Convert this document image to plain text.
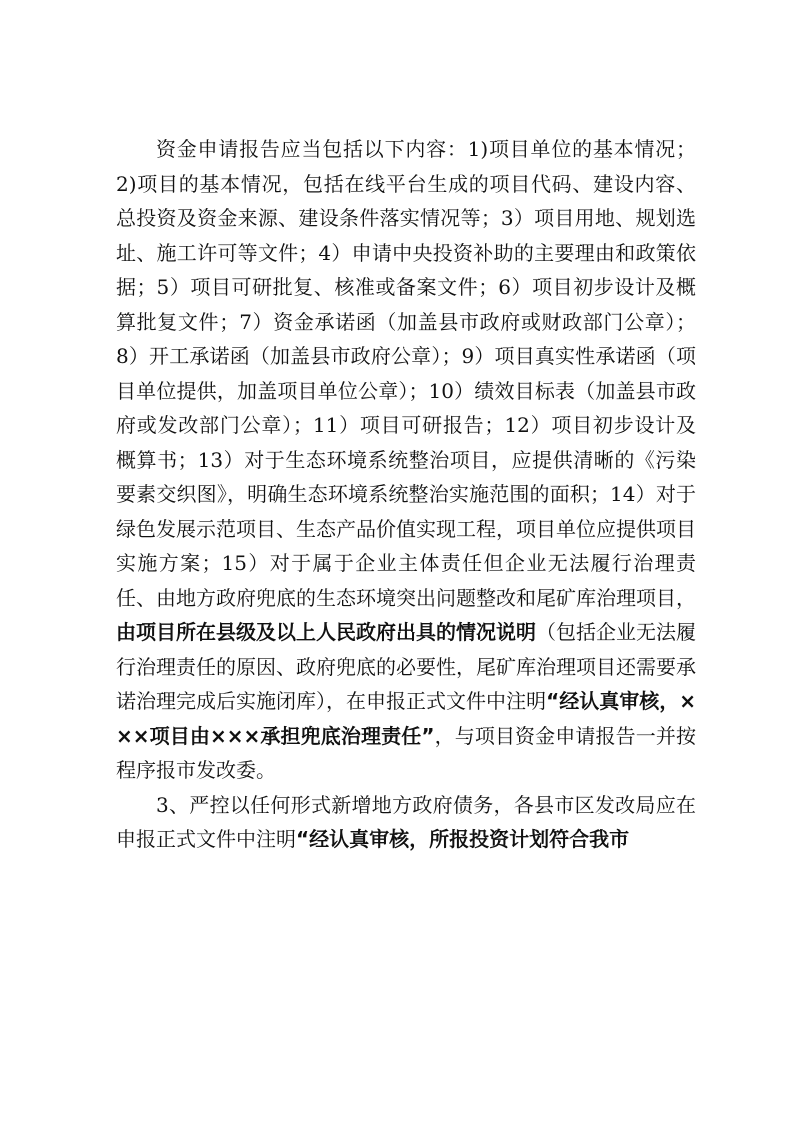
资金申请报告应当包括以下内容：1)项目单位的基本情况；2)项目的基本情况，包括在线平台生成的项目代码、建设内容、总投资及资金来源、建设条件落实情况等；3）项目用地、规划选址、施工许可等文件；4）申请中央投资补助的主要理由和政策依据；5）项目可研批复、核准或备案文件；6）项目初步设计及概算批复文件；7）资金承诺函（加盖县市政府或财政部门公章）；8）开工承诺函（加盖县市政府公章）；9）项目真实性承诺函（项目单位提供，加盖项目单位公章）；10）绩效目标表（加盖县市政府或发改部门公章）；11）项目可研报告；12）项目初步设计及概算书；13）对于生态环境系统整治项目，应提供清晰的《污染要素交织图》，明确生态环境系统整治实施范围的面积；14）对于绿色发展示范项目、生态产品价值实现工程，项目单位应提供项目实施方案；15）对于属于企业主体责任但企业无法履行治理责任、由地方政府兜底的生态环境突出问题整改和尾矿库治理项目，由项目所在县级及以上人民政府出具的情况说明（包括企业无法履行治理责任的原因、政府兜底的必要性，尾矿库治理项目还需要承诺治理完成后实施闭库），在申报正式文件中注明“经认真审核，×××项目由×××承担兜底治理责任”，与项目资金申请报告一并按程序报市发改委。

3、严控以任何形式新增地方政府债务，各县市区发改局应在申报正式文件中注明“经认真审核，所报投资计划符合我市
